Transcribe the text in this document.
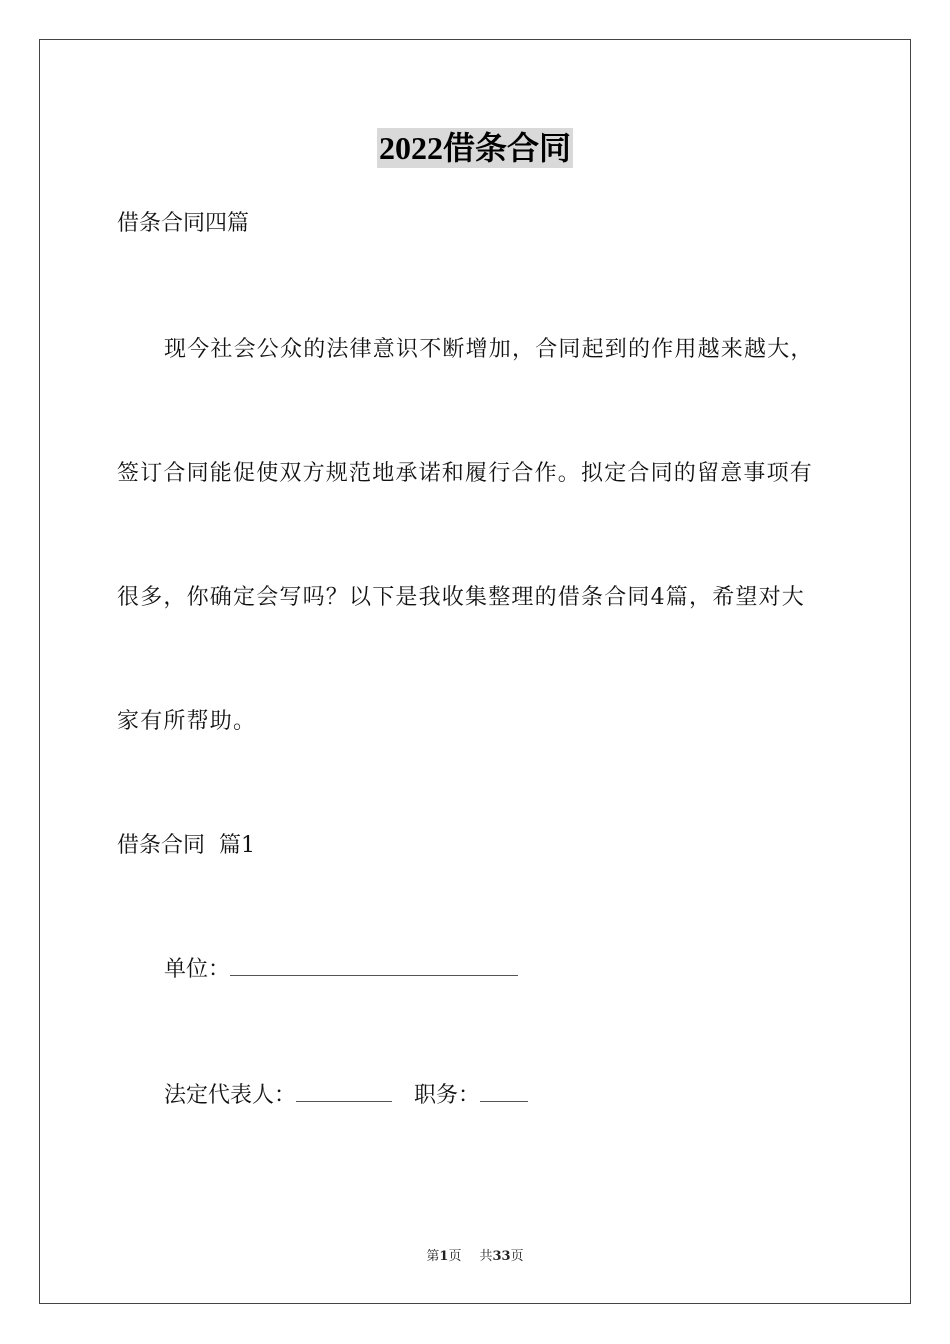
2022借条合同
借条合同四篇
现今社会公众的法律意识不断增加，合同起到的作用越来越大，
签订合同能促使双方规范地承诺和履行合作。拟定合同的留意事项有
很多，你确定会写吗？以下是我收集整理的借条合同4篇，希望对大
家有所帮助。
借条合同  篇1
单位：
法定代表人：	职务：
第1页 共33页
